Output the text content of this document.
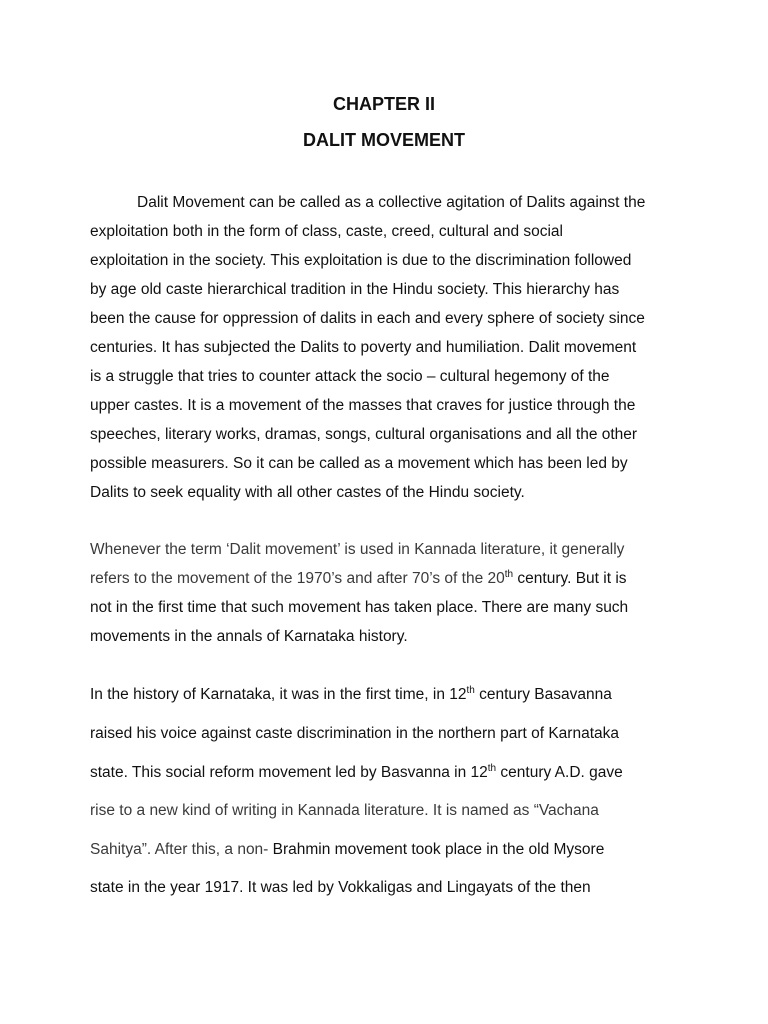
CHAPTER II
DALIT MOVEMENT
Dalit Movement can be called as a collective agitation of Dalits against the
exploitation both in the form of class, caste, creed, cultural and social
exploitation in the society. This exploitation is due to the discrimination followed
by age old caste hierarchical tradition in the Hindu society. This hierarchy has
been the cause for oppression of dalits in each and every sphere of society since
centuries. It has subjected the Dalits to poverty and humiliation. Dalit movement
is a struggle that tries to counter attack the socio – cultural hegemony of the
upper castes. It is a movement of the masses that craves for justice through the
speeches, literary works, dramas, songs, cultural organisations and all the other
possible measurers. So it can be called as a movement which has been led by
Dalits to seek equality with all other castes of the Hindu society.
Whenever the term ‘Dalit movement’ is used in Kannada literature, it generally
refers to the movement of the 1970’s and after 70’s of the 20th century. But it is
not in the first time that such movement has taken place. There are many such
movements in the annals of Karnataka history.
In the history of Karnataka, it was in the first time, in 12th century Basavanna
raised his voice against caste discrimination in the northern part of Karnataka
state. This social reform movement led by Basvanna in 12th century A.D. gave
rise to a new kind of writing in Kannada literature. It is named as “Vachana
Sahitya”. After this, a non- Brahmin movement took place in the old Mysore
state in the year 1917. It was led by Vokkaligas and Lingayats of the then
